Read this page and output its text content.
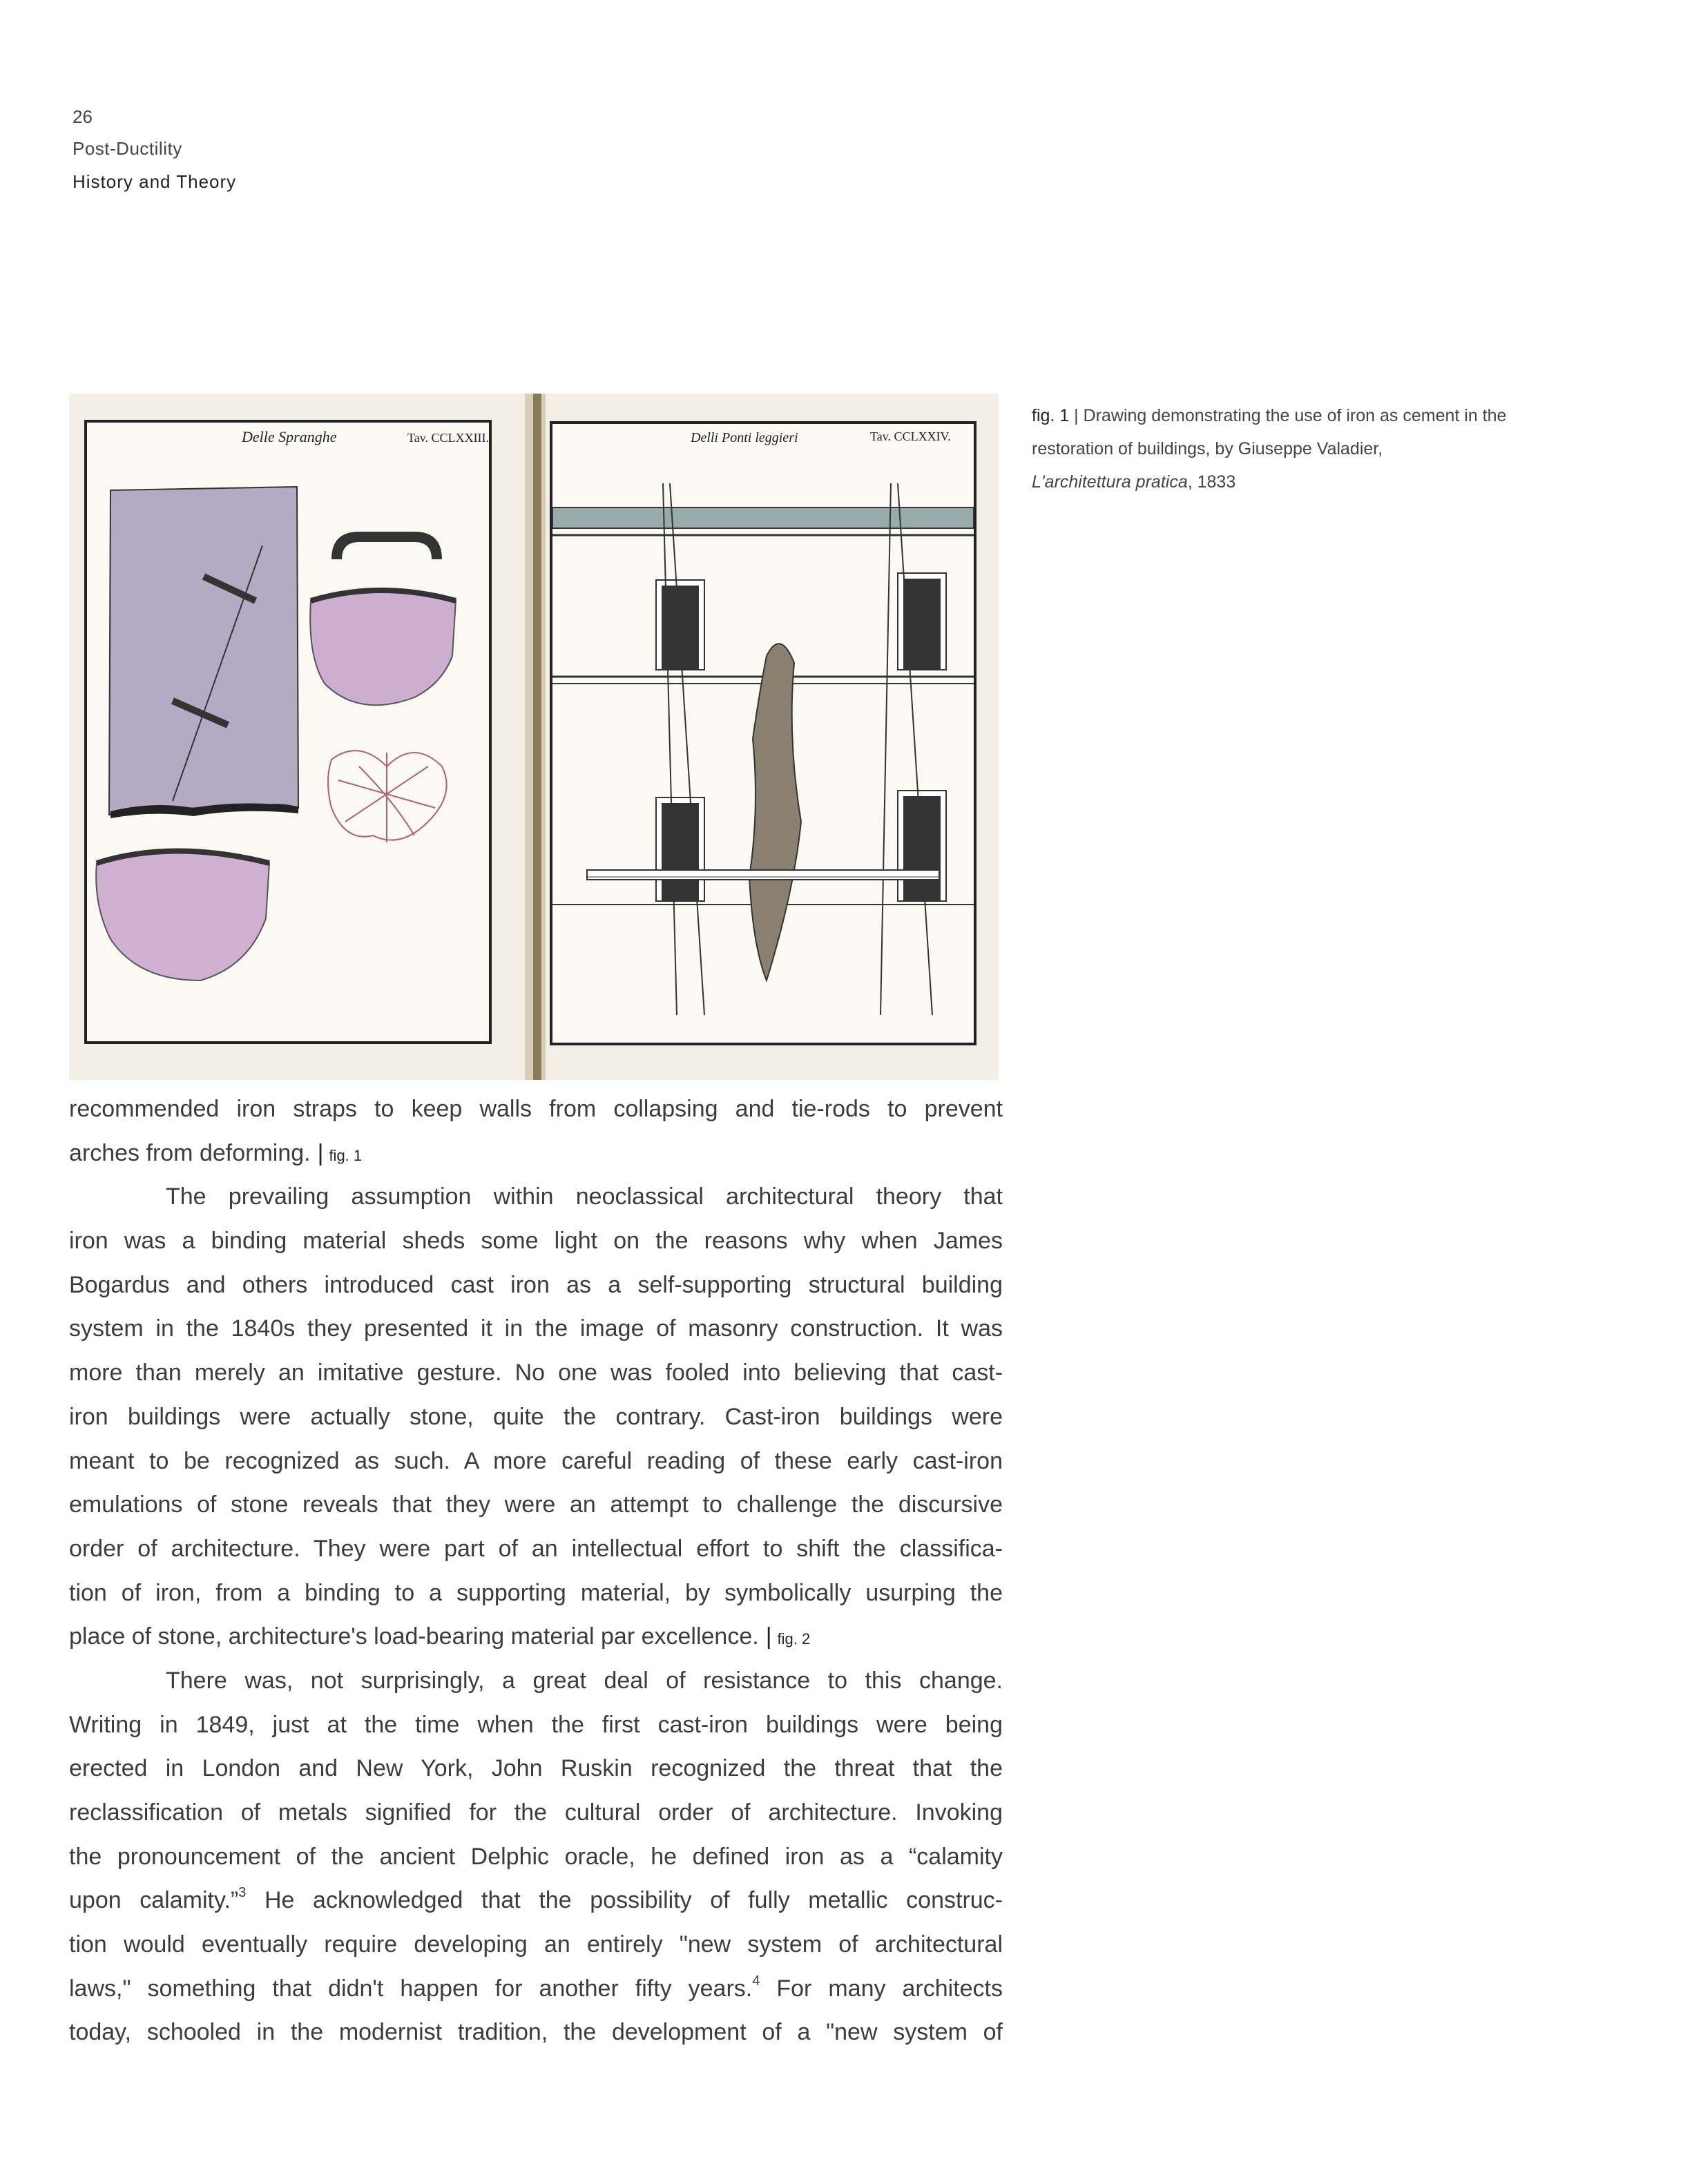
26
Post-Ductility
History and Theory
Delle Spranghe	Tav. CCLXXIII.	Delli Ponti leggieri	Tav. CCLXXIV.
fig. 1 | Drawing demonstrating the use of iron as cement in the restoration of buildings, by Giuseppe Valadier,
L'architettura pratica, 1833
recommended iron straps to keep walls from collapsing and tie-rods to prevent
arches from deforming. | fig. 1
The prevailing assumption within neoclassical architectural theory that
iron was a binding material sheds some light on the reasons why when James
Bogardus and others introduced cast iron as a self-supporting structural building
system in the 1840s they presented it in the image of masonry construction. It was
more than merely an imitative gesture. No one was fooled into believing that cast-
iron buildings were actually stone, quite the contrary. Cast-iron buildings were
meant to be recognized as such. A more careful reading of these early cast-iron
emulations of stone reveals that they were an attempt to challenge the discursive
order of architecture. They were part of an intellectual effort to shift the classifica-
tion of iron, from a binding to a supporting material, by symbolically usurping the
place of stone, architecture's load-bearing material par excellence. | fig. 2
There was, not surprisingly, a great deal of resistance to this change.
Writing in 1849, just at the time when the first cast-iron buildings were being
erected in London and New York, John Ruskin recognized the threat that the
reclassification of metals signified for the cultural order of architecture. Invoking
the pronouncement of the ancient Delphic oracle, he defined iron as a “calamity
upon calamity.”$^3$ He acknowledged that the possibility of fully metallic construc-
tion would eventually require developing an entirely "new system of architectural
laws," something that didn't happen for another fifty years.$^4$ For many architects
today, schooled in the modernist tradition, the development of a "new system of
